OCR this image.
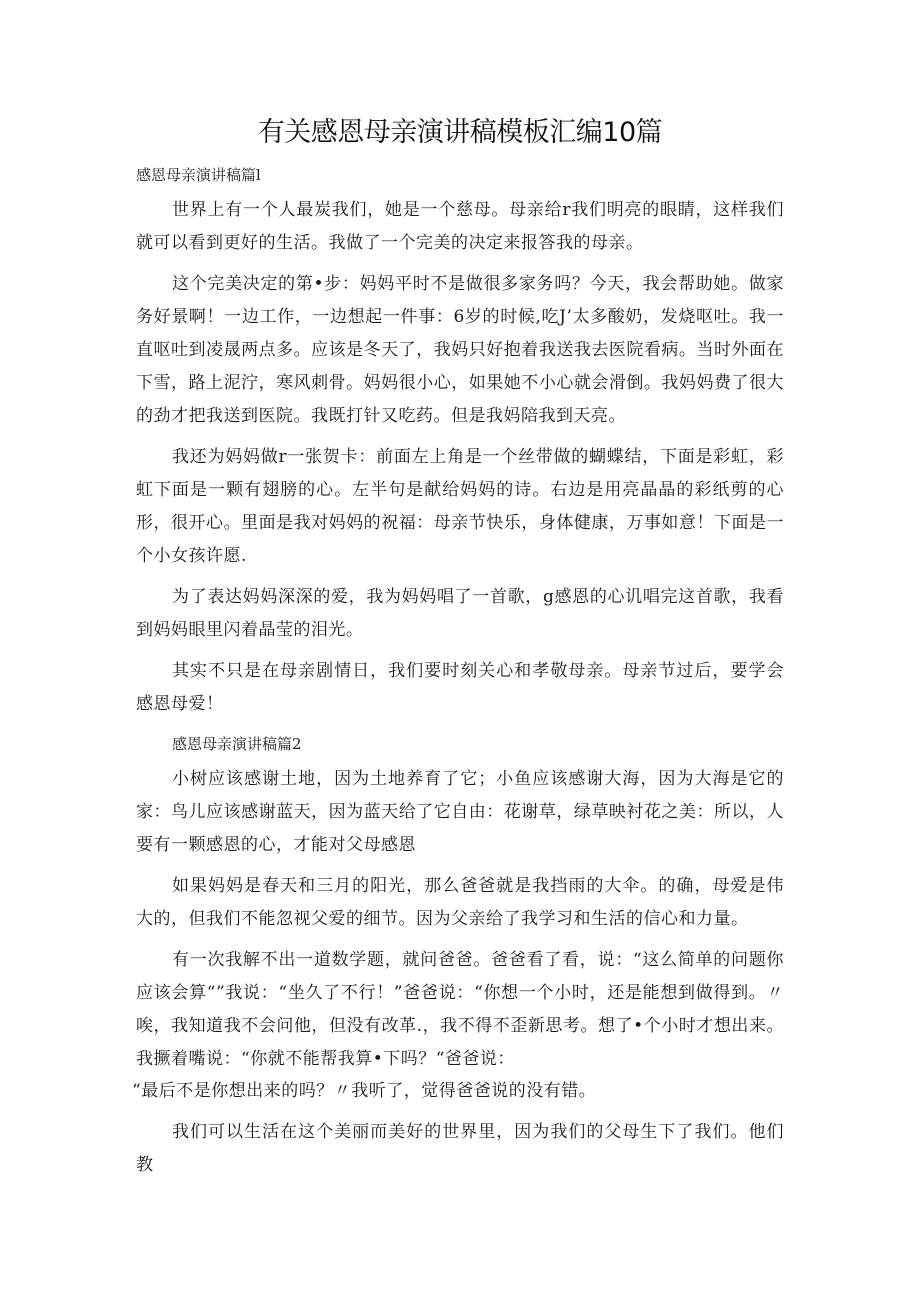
有关感恩母亲演讲稿模板汇编10篇
感恩母亲演讲稿篇l

世界上有一个人最炭我们，她是一个慈母。母亲给r我们明亮的眼睛，这样我们就可以看到更好的生活。我做了一个完美的决定来报答我的母亲。

这个完美决定的第•步：妈妈平时不是做很多家务吗？今天，我会帮助她。做家务好景啊！一边工作，一边想起一件事：6岁的时候,吃J’太多酸奶，发烧呕吐。我一直呕吐到凌晟两点多。应该是冬天了，我妈只好抱着我送我去医院看病。当时外面在下雪，路上泥泞，寒风刺骨。妈妈很小心，如果她不小心就会滑倒。我妈妈费了很大的劲才把我送到医院。我既打针又吃药。但是我妈陪我到天亮。

我还为妈妈做r一张贺卡：前面左上角是一个丝带做的蝴蝶结，下面是彩虹，彩虹下面是一颗有翅膀的心。左半句是献给妈妈的诗。右边是用亮晶晶的彩纸剪的心形，很开心。里面是我对妈妈的祝福：母亲节快乐，身体健康，万事如意！下面是一个小女孩许愿.

为了表达妈妈深深的爱，我为妈妈唱了一首歌，g感恩的心讥唱完这首歌，我看到妈妈眼里闪着晶莹的泪光。

其实不只是在母亲剧情日，我们要时刻关心和孝敬母亲。母亲节过后，要学会感恩母爱！

感恩母亲演讲稿篇2

小树应该感谢土地，因为土地养育了它；小鱼应该感谢大海，因为大海是它的家：鸟儿应该感谢蓝天，因为蓝天给了它自由：花谢草，绿草映衬花之美：所以，人要有一颗感恩的心，才能对父母感恩

如果妈妈是春天和三月的阳光，那么爸爸就是我挡雨的大伞。的确，母爱是伟大的，但我们不能忽视父爱的细节。因为父亲给了我学习和生活的信心和力量。

有一次我解不出一道数学题，就问爸爸。爸爸看了看，说：“这么简单的问题你应该会算“”我说：“坐久了不行！”爸爸说：“你想一个小时，还是能想到做得到。〃唉，我知道我不会问他，但没有改革.，我不得不歪新思考。想了•个小时才想出来。我撅着嘴说：“你就不能帮我算•下吗？“爸爸说：

“最后不是你想出来的吗？〃我听了，觉得爸爸说的没有错。

我们可以生活在这个美丽而美好的世界里，因为我们的父母生下了我们。他们教
